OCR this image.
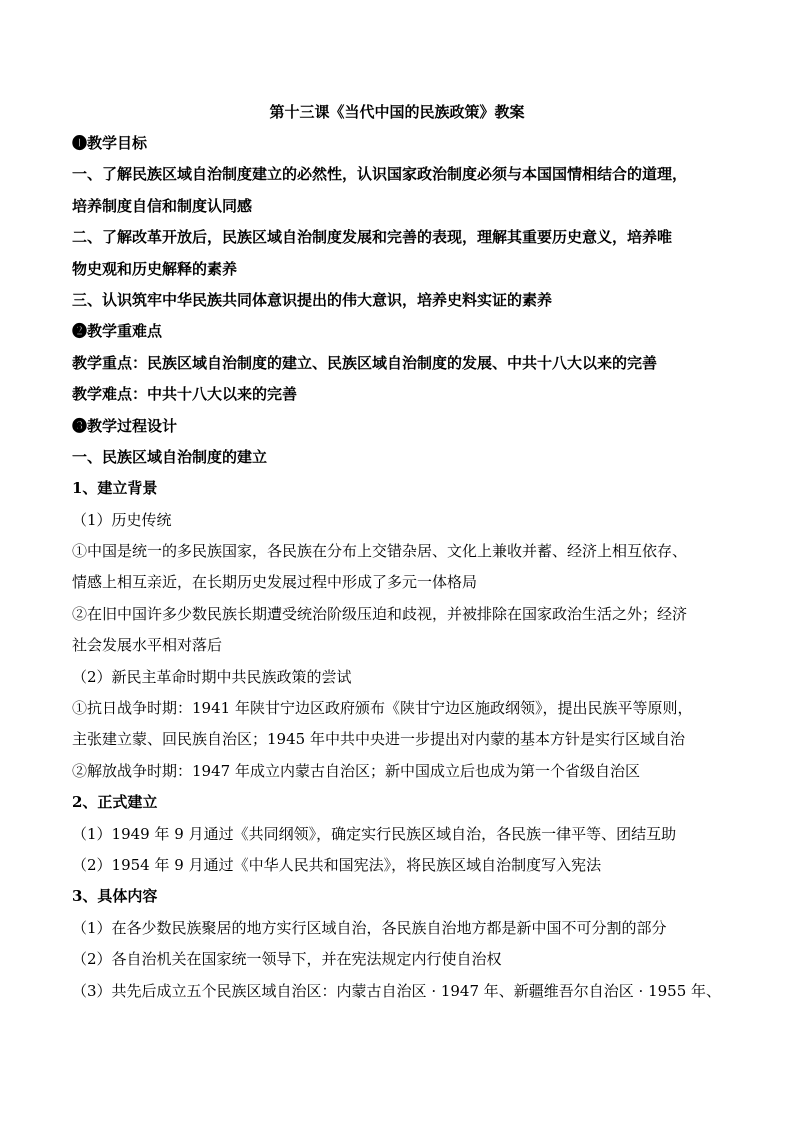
第十三课《当代中国的民族政策》教案
❶教学目标
一、了解民族区域自治制度建立的必然性，认识国家政治制度必须与本国国情相结合的道理，
培养制度自信和制度认同感
二、了解改革开放后，民族区域自治制度发展和完善的表现，理解其重要历史意义，培养唯
物史观和历史解释的素养
三、认识筑牢中华民族共同体意识提出的伟大意识，培养史料实证的素养
❷教学重难点
教学重点：民族区域自治制度的建立、民族区域自治制度的发展、中共十八大以来的完善
教学难点：中共十八大以来的完善
❸教学过程设计
一、民族区域自治制度的建立
1、建立背景
（1）历史传统
①中国是统一的多民族国家，各民族在分布上交错杂居、文化上兼收并蓄、经济上相互依存、
情感上相互亲近，在长期历史发展过程中形成了多元一体格局
②在旧中国许多少数民族长期遭受统治阶级压迫和歧视，并被排除在国家政治生活之外；经济
社会发展水平相对落后
（2）新民主革命时期中共民族政策的尝试
①抗日战争时期：1941 年陕甘宁边区政府颁布《陕甘宁边区施政纲领》，提出民族平等原则，
主张建立蒙、回民族自治区；1945 年中共中央进一步提出对内蒙的基本方针是实行区域自治
②解放战争时期：1947 年成立内蒙古自治区；新中国成立后也成为第一个省级自治区
2、正式建立
（1）1949 年 9 月通过《共同纲领》，确定实行民族区域自治，各民族一律平等、团结互助
（2）1954 年 9 月通过《中华人民共和国宪法》，将民族区域自治制度写入宪法
3、具体内容
（1）在各少数民族聚居的地方实行区域自治，各民族自治地方都是新中国不可分割的部分
（2）各自治机关在国家统一领导下，并在宪法规定内行使自治权
（3）共先后成立五个民族区域自治区：内蒙古自治区 · 1947 年、新疆维吾尔自治区 · 1955 年、
